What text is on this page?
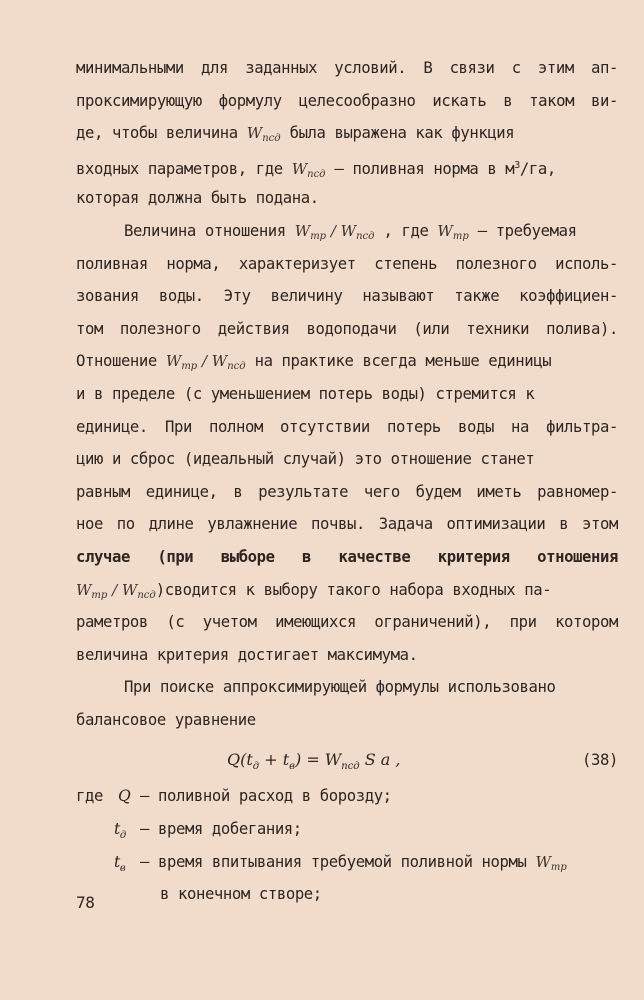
минимальными для заданных условий. В связи с этим ап-
проксимирующую формулу целесообразно искать в таком ви-
де, чтобы величина $W_{псд}$ была выражена как функция
входных параметров, где $W_{псд}$ – поливная норма в $м^3/га$,
которая должна быть подана.
Величина отношения $W_{тр} / W_{псд}$ , где $W_{тр}$ – требуемая
поливная норма, характеризует степень полезного исполь-
зования воды. Эту величину называют также коэффициен-
том полезного действия водоподачи (или техники полива).
Отношение $W_{тр} / W_{псд}$ на практике всегда меньше единицы
и в пределе (с уменьшением потерь воды) стремится к
единице. При полном отсутствии потерь воды на фильтра-
цию и сброс (идеальный случай) это отношение станет
равным единице, в результате чего будем иметь равномер-
ное по длине увлажнение почвы. Задача оптимизации в этом
случае (при выборе в качестве критерия отношения
$W_{тр}$ / $W_{псд})сводится$ к выбору такого набора входных па-
раметров (с учетом имеющихся ограничений), при котором
величина критерия достигает максимума.
При поиске аппроксимирующей формулы использовано
балансовое уравнение
$Q(t_д + t_в) = W_{псд}$ S a ,	(38)
где Q – поливной расход в борозду;
$t_д$ – время добегания;
$t_в$ – время впитывания требуемой поливной нормы $W_{тр}$
в конечном створе;
78
